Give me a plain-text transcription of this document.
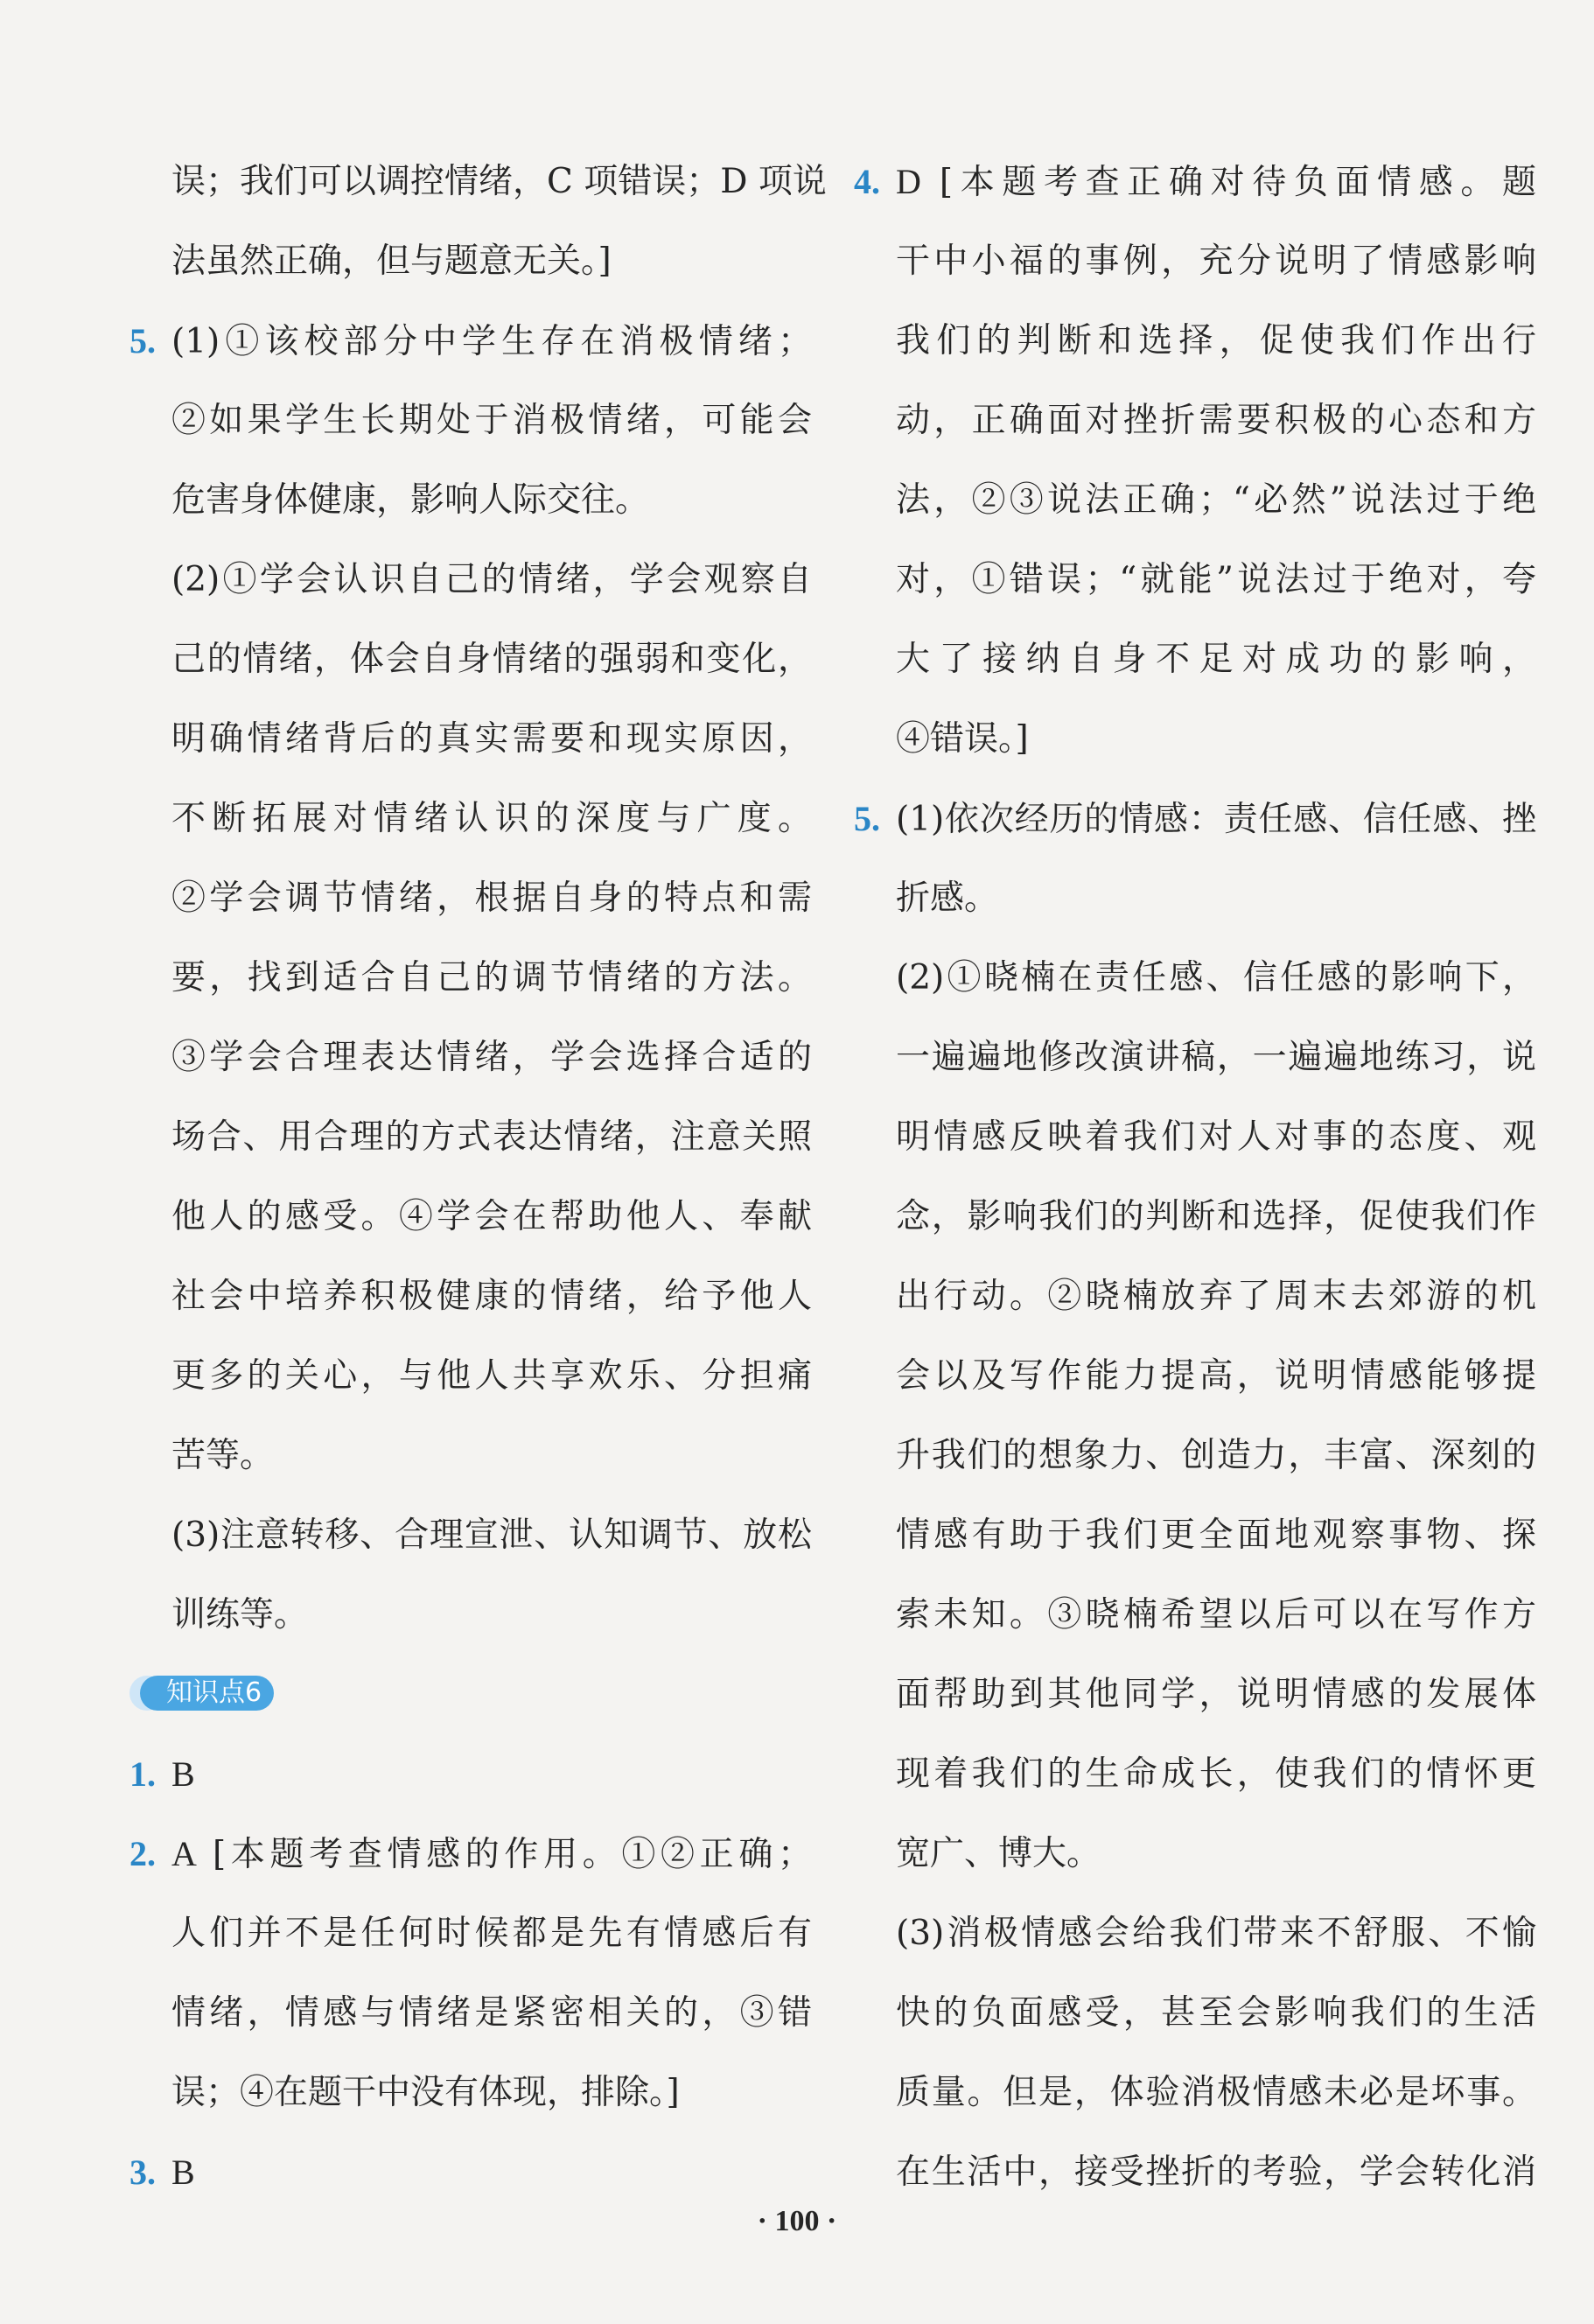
误；我们可以调控情绪，C 项错误；D 项说
法虽然正确，但与题意无关。]
5. (1)①该校部分中学生存在消极情绪；
②如果学生长期处于消极情绪，可能会
危害身体健康，影响人际交往。
(2)①学会认识自己的情绪，学会观察自
己的情绪，体会自身情绪的强弱和变化，
明确情绪背后的真实需要和现实原因，
不断拓展对情绪认识的深度与广度。
②学会调节情绪，根据自身的特点和需
要，找到适合自己的调节情绪的方法。
③学会合理表达情绪，学会选择合适的
场合、用合理的方式表达情绪，注意关照
他人的感受。④学会在帮助他人、奉献
社会中培养积极健康的情绪，给予他人
更多的关心，与他人共享欢乐、分担痛
苦等。
(3)注意转移、合理宣泄、认知调节、放松
训练等。
知识点6
1. B
2. A [本题考查情感的作用。①②正确；
人们并不是任何时候都是先有情感后有
情绪，情感与情绪是紧密相关的，③错
误；④在题干中没有体现，排除。]
3. B
4. D [本题考查正确对待负面情感。题
干中小福的事例，充分说明了情感影响
我们的判断和选择，促使我们作出行
动，正确面对挫折需要积极的心态和方
法，②③说法正确；“必然”说法过于绝
对，①错误；“就能”说法过于绝对，夸
大了接纳自身不足对成功的影响，
④错误。]
5. (1)依次经历的情感：责任感、信任感、挫
折感。
(2)①晓楠在责任感、信任感的影响下，
一遍遍地修改演讲稿，一遍遍地练习，说
明情感反映着我们对人对事的态度、观
念，影响我们的判断和选择，促使我们作
出行动。②晓楠放弃了周末去郊游的机
会以及写作能力提高，说明情感能够提
升我们的想象力、创造力，丰富、深刻的
情感有助于我们更全面地观察事物、探
索未知。③晓楠希望以后可以在写作方
面帮助到其他同学，说明情感的发展体
现着我们的生命成长，使我们的情怀更
宽广、博大。
(3)消极情感会给我们带来不舒服、不愉
快的负面感受，甚至会影响我们的生活
质量。但是，体验消极情感未必是坏事。
在生活中，接受挫折的考验，学会转化消
· 100 ·
